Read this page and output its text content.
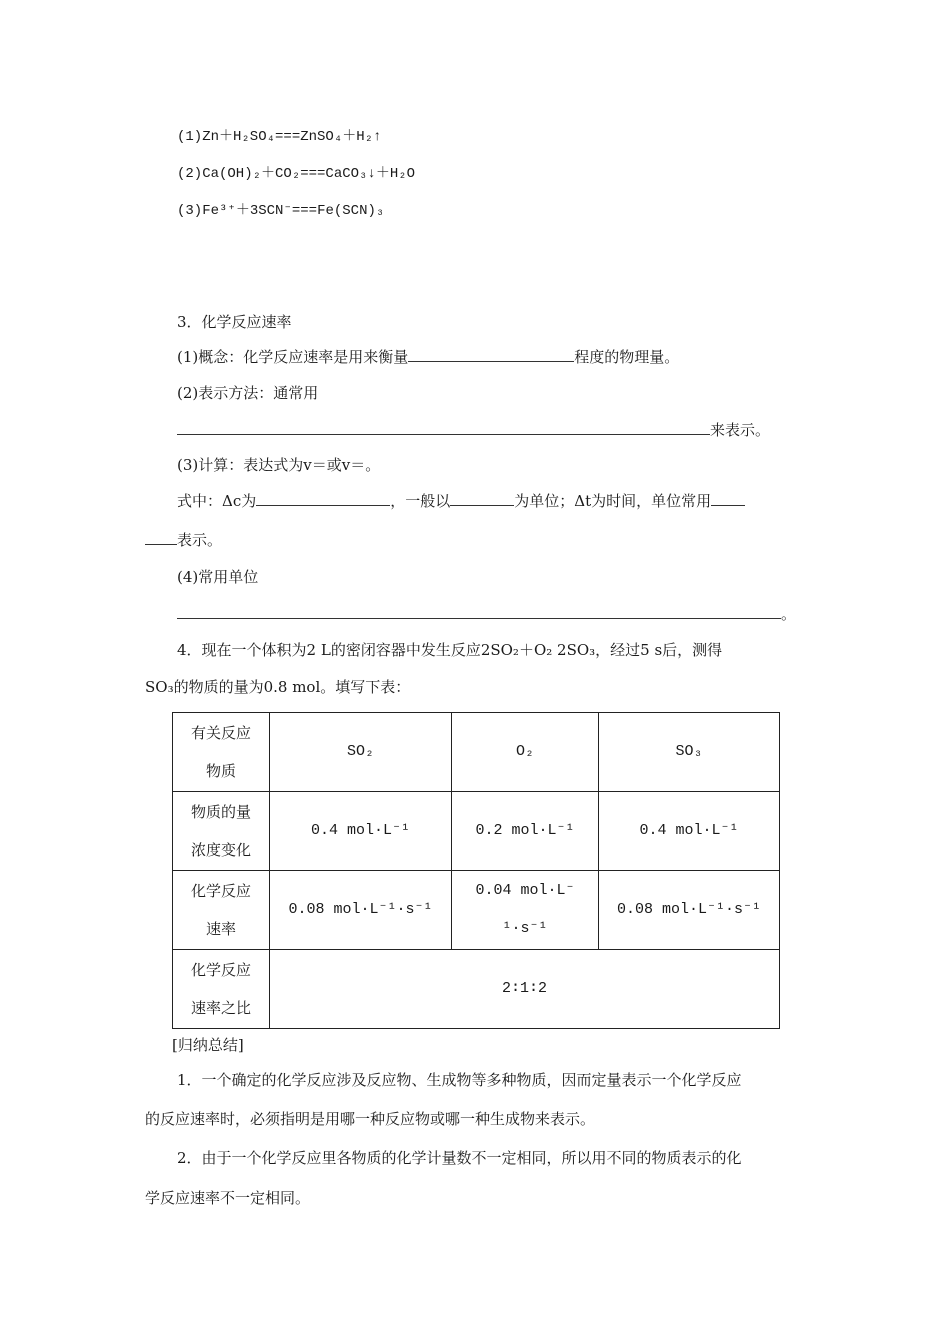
(1)Zn＋H₂SO₄===ZnSO₄＋H₂↑
(2)Ca(OH)₂＋CO₂===CaCO₃↓＋H₂O
(3)Fe³⁺＋3SCN⁻===Fe(SCN)₃
3．化学反应速率
(1)概念：化学反应速率是用来衡量	程度的物理量。
(2)表示方法：通常用
来表示。
(3)计算：表达式为v＝或v＝。
式中：Δc为	，一般以	为单位；Δt为时间，单位常用
表示。
(4)常用单位
。
4．现在一个体积为2 L的密闭容器中发生反应2SO₂＋O₂ 2SO₃，经过5 s后，测得
SO₃的物质的量为0.8 mol。填写下表：
有关反应物质	SO₂	O₂	SO₃

物质的量浓度变化	0.4 mol·L⁻¹	0.2 mol·L⁻¹	0.4 mol·L⁻¹

化学反应速率	0.08 mol·L⁻¹·s⁻¹	0.04 mol·L⁻¹·s⁻¹	0.08 mol·L⁻¹·s⁻¹

化学反应速率之比	2∶1∶2		
[归纳总结]
1．一个确定的化学反应涉及反应物、生成物等多种物质，因而定量表示一个化学反应
的反应速率时，必须指明是用哪一种反应物或哪一种生成物来表示。
2．由于一个化学反应里各物质的化学计量数不一定相同，所以用不同的物质表示的化
学反应速率不一定相同。
